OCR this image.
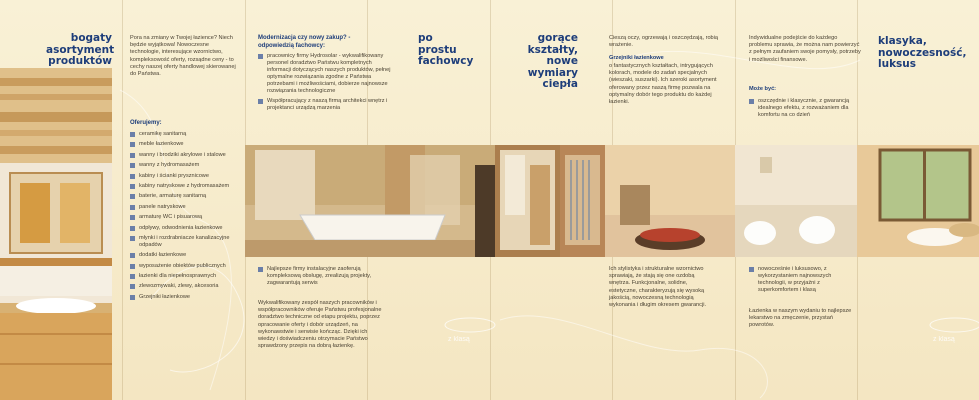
bogaty
asortyment
produktów
Pora na zmiany w Twojej łazience? Niech będzie wyjątkowa! Nowoczesne technologie, interesujące wzornictwo, kompleksowość oferty, rozsądne ceny - to cechy naszej oferty handlowej skierowanej do Państwa.
Oferujemy:
ceramikę sanitarną
meble łazienkowe
wanny i brodziki akrylowe i stalowe
wanny z hydromasażem
kabiny i ścianki prysznicowe
kabiny natryskowe z hydromasażem
baterie, armaturę sanitarną
panele natryskowe
armaturę WC i pisuarową
odpływy, odwodnienia łazienkowe
młynki i rozdrabniacze kanalizacyjne odpadów
dodatki łazienkowe
wyposażenie obiektów publicznych
łazienki dla niepełnosprawnych
zlewozmywaki, zlewy, akcesoria
Grzejniki łazienkowe
Modernizacja czy nowy zakup? - odpowiedzią fachowcy:
pracownicy firmy Hydrosolar - wykwalifikowany personel doradztwo Państwu kompletnych informacji dotyczących naszych produktów, pełnej optymalne rozwiązania zgodne z Państwa potrzebami i możliwościami, dobierze najnowsze rozwiązania technologiczne
Współpracujący z naszą firmą architekci wnętrz i projektanci urządzą marzenia
po
prostu
fachowcy
gorące
kształty,
nowe
wymiary
ciepła
Cieszą oczy, ogrzewają i oszczędzają, robią wrażenie.
Grzejniki łazienkowe
o fantastycznych kształtach, intrygujących kolorach, modele do zadań specjalnych (wieszaki, suszarki). Ich szeroki asortyment oferowany przez naszą firmę pozwala na optymalny dobór tego produktu do każdej łazienki.
Indywidualne podejście do każdego problemu sprawia, że można nam powierzyć z pełnym zaufaniem swoje pomysły, potrzeby i możliwości finansowe.
Może być:
oszczędnie i klasycznie, z gwarancją idealnego efektu, z rozważaniem dla komfortu na co dzień
klasyka,
nowoczesność,
luksus
Najlepsze firmy instalacyjne zaoferują kompleksową obsługę, zrealizują projekty, zagwarantują serwis
Wykwalifikowany zespół naszych pracowników i współpracowników oferuje Państwu profesjonalne doradztwo techniczne od etapu projektu, poprzez opracowanie oferty i dobór urządzeń, na wykonawstwie i serwisie kończąc. Dzięki ich wiedzy i doświadczeniu otrzymacie Państwo sprawdzony przepis na dobrą łazienkę.
Ich stylistyka i strukturalne wzornictwo sprawiają, że stają się one ozdobą wnętrza. Funkcjonalne, solidne, estetyczne, charakteryzują się wysoką jakością, nowoczesną technologią wykonania i długim okresem gwarancji.
nowocześnie i luksusowo, z wykorzystaniem najnowszych technologii, w przyjaźni z superkomfortem i klasą
Łazienka w naszym wydaniu to najlepsze lekarstwo na zmęczenie, przystań powrotów.
z klasą	z klasą
